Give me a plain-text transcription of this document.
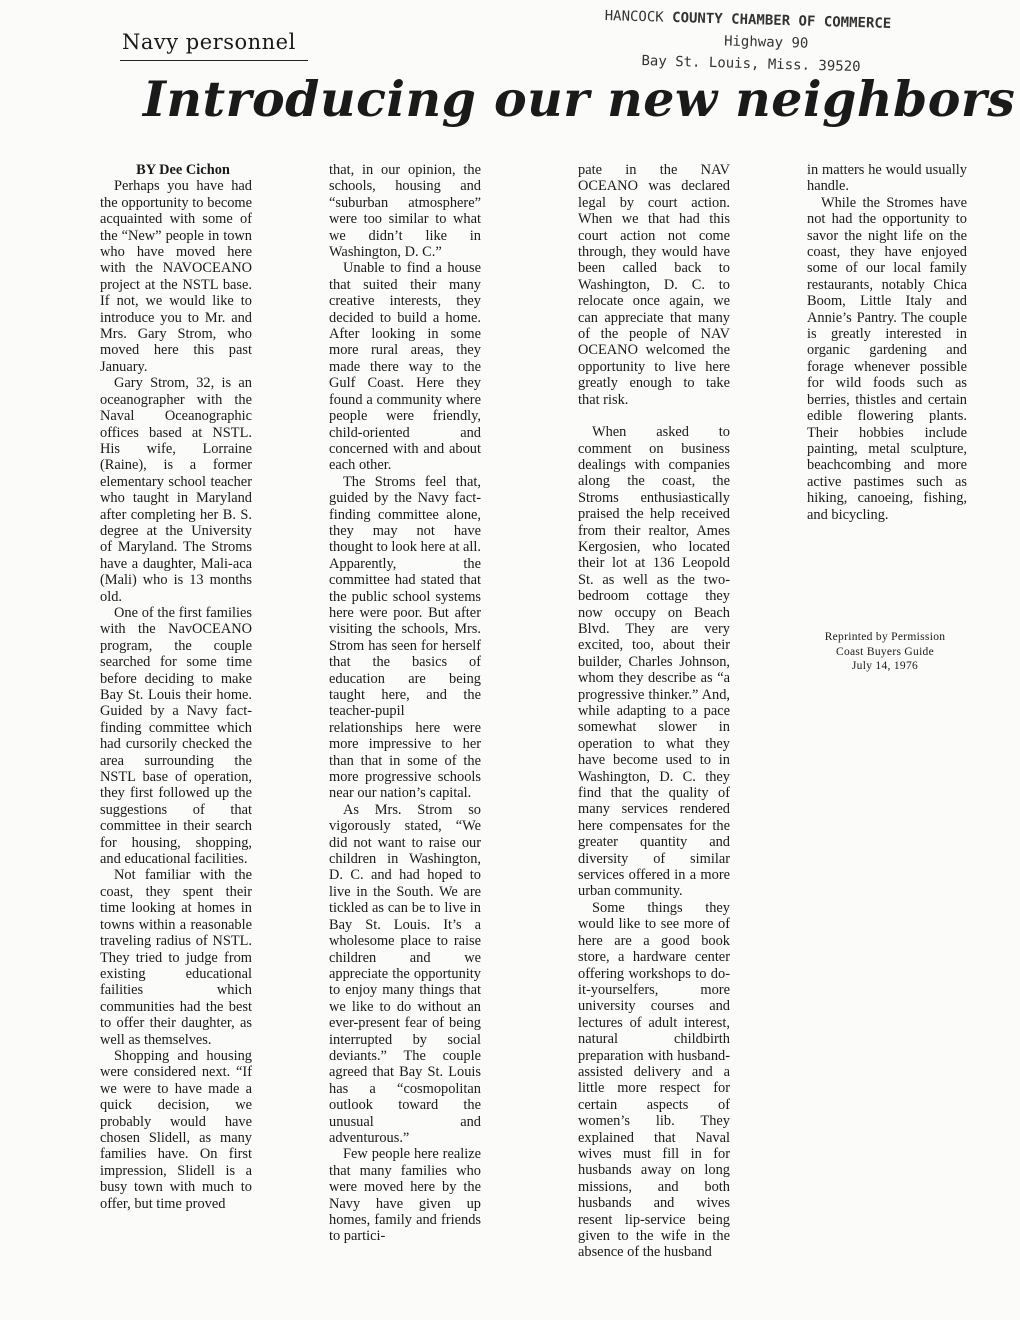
Navy personnel
HANCOCK COUNTY CHAMBER OF COMMERCE
Highway 90
Bay St. Louis, Miss. 39520
Introducing our new neighbors

BY Dee Cichon

Perhaps you have had the opportunity to become acquainted with some of the “New” people in town who have moved here with the NAVOCEANO project at the NSTL base. If not, we would like to introduce you to Mr. and Mrs. Gary Strom, who moved here this past January.

Gary Strom, 32, is an oceanographer with the Naval Oceanographic offices based at NSTL. His wife, Lorraine (Raine), is a former elementary school teacher who taught in Maryland after completing her B. S. degree at the University of Maryland. The Stroms have a daughter, Mali-aca (Mali) who is 13 months old.

One of the first families with the NavOCEANO program, the couple searched for some time before deciding to make Bay St. Louis their home. Guided by a Navy fact-finding committee which had cursorily checked the area surrounding the NSTL base of operation, they first followed up the suggestions of that committee in their search for housing, shopping, and educational facilities.

Not familiar with the coast, they spent their time looking at homes in towns within a reasonable traveling radius of NSTL. They tried to judge from existing educational failities which communities had the best to offer their daughter, as well as themselves.

Shopping and housing were considered next. “If we were to have made a quick decision, we probably would have chosen Slidell, as many families have. On first impression, Slidell is a busy town with much to offer, but time proved

that, in our opinion, the schools, housing and “suburban atmosphere” were too similar to what we didn’t like in Washington, D. C.”

Unable to find a house that suited their many creative interests, they decided to build a home. After looking in some more rural areas, they made there way to the Gulf Coast. Here they found a community where people were friendly, child-oriented and concerned with and about each other.

The Stroms feel that, guided by the Navy fact-finding committee alone, they may not have thought to look here at all. Apparently, the committee had stated that the public school systems here were poor. But after visiting the schools, Mrs. Strom has seen for herself that the basics of education are being taught here, and the teacher-pupil relationships here were more impressive to her than that in some of the more progressive schools near our nation’s capital.

As Mrs. Strom so vigorously stated, “We did not want to raise our children in Washington, D. C. and had hoped to live in the South. We are tickled as can be to live in Bay St. Louis. It’s a wholesome place to raise children and we appreciate the opportunity to enjoy many things that we like to do without an ever-present fear of being interrupted by social deviants.” The couple agreed that Bay St. Louis has a “cosmopolitan outlook toward the unusual and adventurous.”

Few people here realize that many families who were moved here by the Navy have given up homes, family and friends to partici-

pate in the NAV OCEANO was declared legal by court action. When we that had this court action not come through, they would have been called back to Washington, D. C. to relocate once again, we can appreciate that many of the people of NAV OCEANO welcomed the opportunity to live here greatly enough to take that risk.

When asked to comment on business dealings with companies along the coast, the Stroms enthusiastically praised the help received from their realtor, Ames Kergosien, who located their lot at 136 Leopold St. as well as the two-bedroom cottage they now occupy on Beach Blvd. They are very excited, too, about their builder, Charles Johnson, whom they describe as “a progressive thinker.” And, while adapting to a pace somewhat slower in operation to what they have become used to in Washington, D. C. they find that the quality of many services rendered here compensates for the greater quantity and diversity of similar services offered in a more urban community.

Some things they would like to see more of here are a good book store, a hardware center offering workshops to do-it-yourselfers, more university courses and lectures of adult interest, natural childbirth preparation with husband-assisted delivery and a little more respect for certain aspects of women’s lib. They explained that Naval wives must fill in for husbands away on long missions, and both husbands and wives resent lip-service being given to the wife in the absence of the husband

in matters he would usually handle.

While the Stromes have not had the opportunity to savor the night life on the coast, they have enjoyed some of our local family restaurants, notably Chica Boom, Little Italy and Annie’s Pantry. The couple is greatly interested in organic gardening and forage whenever possible for wild foods such as berries, thistles and certain edible flowering plants. Their hobbies include painting, metal sculpture, beachcombing and more active pastimes such as hiking, canoeing, fishing, and bicycling.

Reprinted by Permission
Coast Buyers Guide
July 14, 1976
